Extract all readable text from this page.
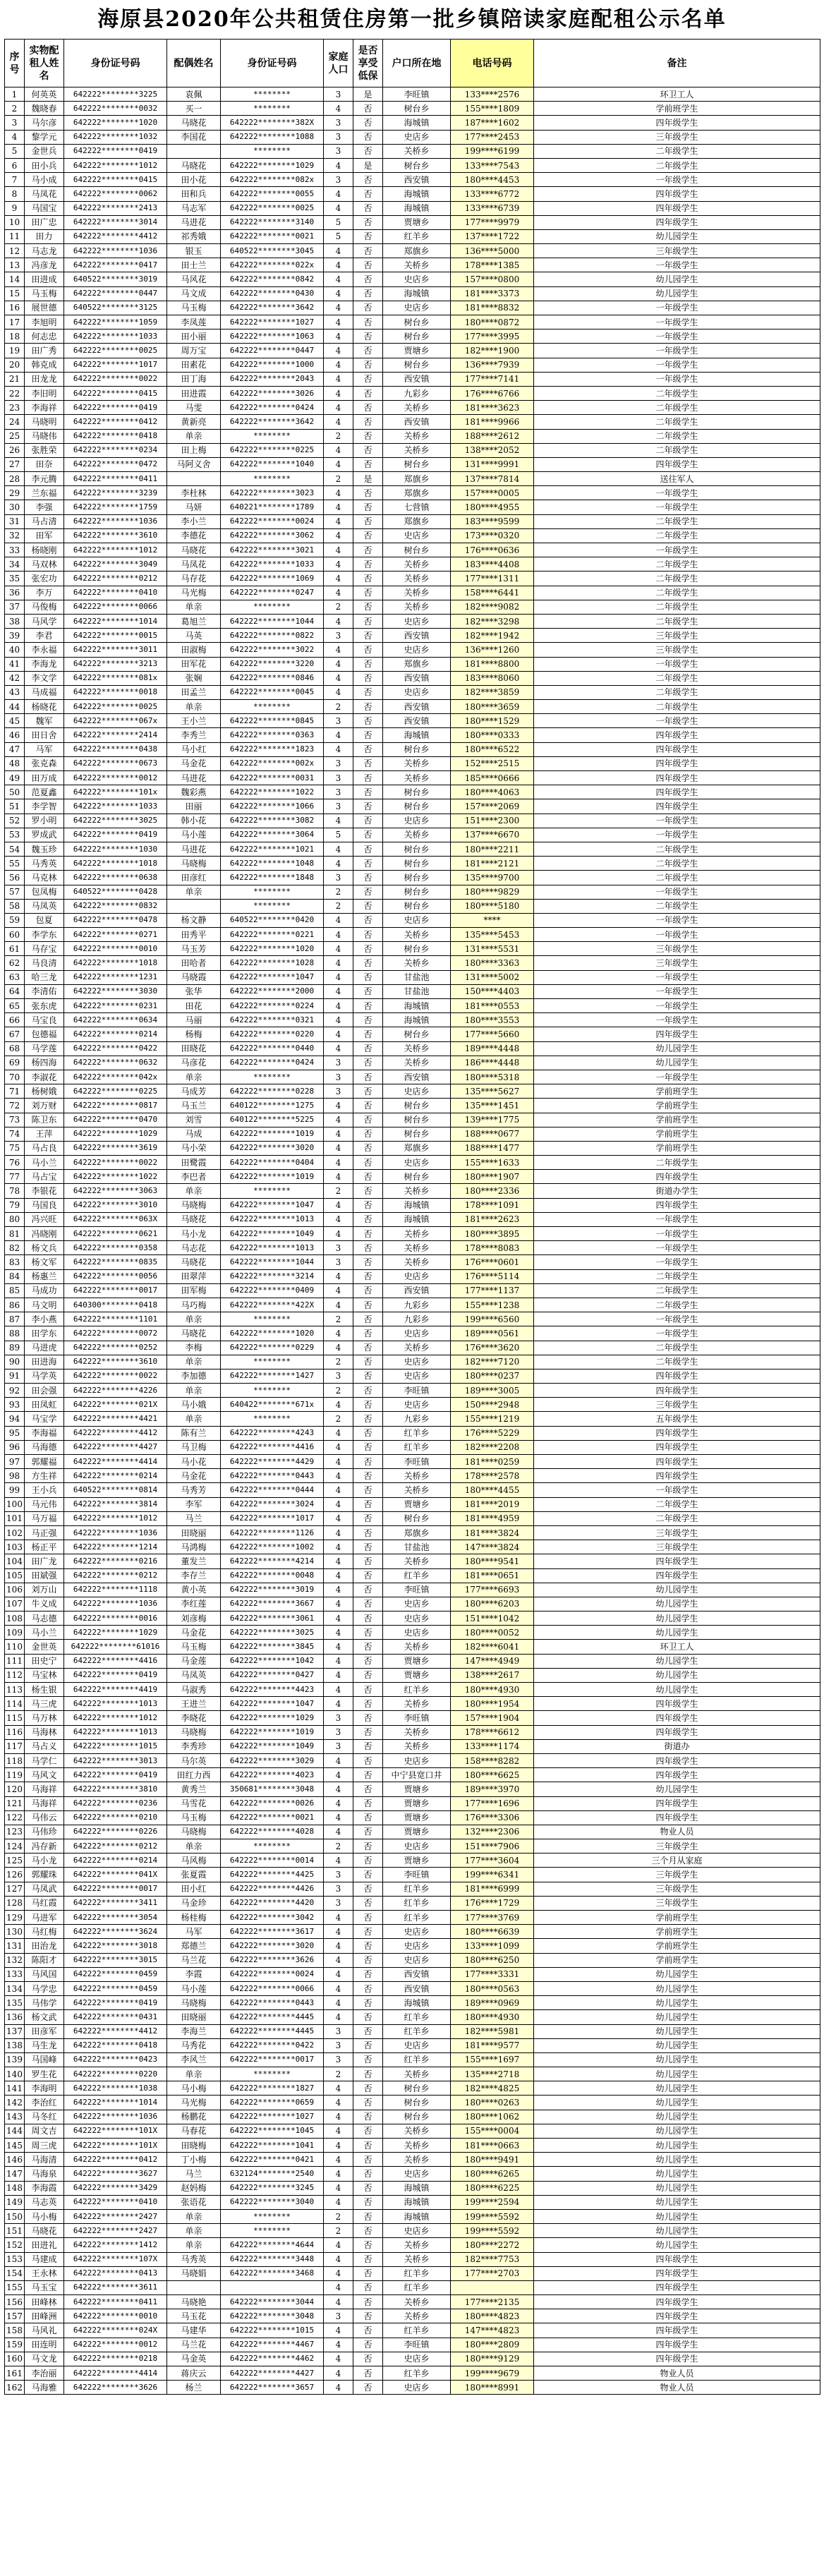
海原县2020年公共租赁住房第一批乡镇陪读家庭配租公示名单
序号	实物配租人姓名	身份证号码	配偶姓名	身份证号码	家庭人口	是否享受低保	户口所在地	电话号码	备注
1	何英英	642222********3225	袁佩	********	3	是	李旺镇	133****2576	环卫工人
2	魏晓春	642222********0032	买一	********	4	否	树台乡	155****1809	学前班学生
3	马尔彦	642222********1020	马晓花	642222********382X	3	否	海城镇	187****1602	四年级学生
4	黎学元	642222********1032	李国花	642222********1088	3	否	史店乡	177****2453	三年级学生
5	金世兵	642222********0419		********	3	否	关桥乡	199****6199	二年级学生
6	田小兵	642222********1012	马晓花	642222********1029	4	是	树台乡	133****7543	二年级学生
7	马小成	642222********0415	田小花	642222********082x	3	否	西安镇	180****4453	一年级学生
8	马凤花	642222********0062	田和兵	642222********0055	4	否	海城镇	133****6772	四年级学生
9	马国宝	642222********2413	马志军	642222********0025	4	否	海城镇	133****6739	四年级学生
10	田广忠	642222********3014	马进花	642222********3140	5	否	贾塘乡	177****9979	四年级学生
11	田力	642222********4412	祁秀娥	642222********0021	5	否	红羊乡	137****1722	幼儿园学生
12	马志龙	642222********1036	银玉	640522********3045	4	否	郑旗乡	136****5000	三年级学生
13	冯彦龙	642222********0417	田士兰	642222********022x	4	否	关桥乡	178****1385	一年级学生
14	田进成	640522********3019	马风花	642222********0842	4	否	史店乡	157****0800	幼儿园学生
15	马玉梅	642222********0447	马文成	642222********0430	4	否	海城镇	181****3373	幼儿园学生
16	展世德	640522********3125	马玉梅	642222********3642	4	否	史店乡	181****8832	一年级学生
17	李旭明	642222********1059	李凤莲	642222********1027	4	否	树台乡	180****0872	一年级学生
18	何志忠	642222********1033	田小丽	642222********1063	4	否	树台乡	177****3995	一年级学生
19	田广秀	642222********0025	周万宝	642222********0447	4	否	贾塘乡	182****1900	一年级学生
20	韩克成	642222********1017	田素花	642222********1000	4	否	树台乡	136****7939	一年级学生
21	田龙龙	642222********0022	田丁海	642222********2043	4	否	西安镇	177****7141	一年级学生
22	李旧明	642222********0415	田进霞	642222********3026	4	否	九彩乡	176****6766	二年级学生
23	李海祥	642222********0419	马雯	642222********0424	4	否	关桥乡	181****3623	二年级学生
24	马晓明	642222********0412	黄新亮	642222********3642	4	否	西安镇	181****9966	二年级学生
25	马晓伟	642222********0418	单亲	********	2	否	关桥乡	188****2612	二年级学生
26	张胜荣	642222********0234	田上梅	642222********0225	4	否	关桥乡	138****2052	二年级学生
27	田奈	642222********0472	马阿义舍	642222********1040	4	否	树台乡	131****9991	四年级学生
28	李元腾	642222********0411		********	2	是	郑旗乡	137****7814	送往军人
29	兰东福	642222********3239	李杜林	642222********3023	4	否	郑旗乡	157****0005	一年级学生
30	李强	642222********1759	马妍	640221********1789	4	否	七营镇	180****4955	一年级学生
31	马占清	642222********1036	李小兰	642222********0024	4	否	郑旗乡	183****9599	二年级学生
32	田军	642222********3610	李德花	642222********3062	4	否	史店乡	173****0320	二年级学生
33	杨晓刚	642222********1012	马晓花	642222********3021	4	否	树台乡	176****0636	一年级学生
34	马双林	642222********3049	马凤花	642222********1033	4	否	关桥乡	183****4408	二年级学生
35	张宏功	642222********0212	马存花	642222********1069	4	否	关桥乡	177****1311	二年级学生
36	李万	642222********0410	马光梅	642222********0247	4	否	关桥乡	158****6441	二年级学生
37	马俊梅	642222********0066	单亲	********	2	否	关桥乡	182****9082	二年级学生
38	马风学	642222********1014	葛旭兰	642222********1044	4	否	史店乡	182****3298	二年级学生
39	李君	642222********0015	马英	642222********0822	3	否	西安镇	182****1942	三年级学生
40	李永福	642222********3011	田淑梅	642222********3022	4	否	史店乡	136****1260	三年级学生
41	李海龙	642222********3213	田军花	642222********3220	4	否	郑旗乡	181****8800	一年级学生
42	李文学	642222********081x	张娴	642222********0846	4	否	西安镇	183****8060	二年级学生
43	马成福	642222********0018	田孟兰	642222********0045	4	否	史店乡	182****3859	二年级学生
44	杨晓花	642222********0025	单亲	********	2	否	西安镇	180****3659	二年级学生
45	魏军	642222********067x	王小兰	642222********0845	3	否	西安镇	180****1529	一年级学生
46	田日舍	642222********2414	李秀兰	642222********0363	4	否	海城镇	180****0333	四年级学生
47	马军	642222********0438	马小红	642222********1823	4	否	树台乡	180****6522	四年级学生
48	张克森	642222********0673	马金花	642222********002x	3	否	关桥乡	152****2515	四年级学生
49	田万成	642222********0012	马进花	642222********0031	3	否	关桥乡	185****0666	四年级学生
50	范夏鑫	642222********101x	魏彩燕	642222********1022	3	否	树台乡	180****4063	四年级学生
51	李学智	642222********1033	田丽	642222********1066	3	否	树台乡	157****2069	四年级学生
52	罗小明	642222********3025	韩小花	642222********3082	4	否	史店乡	151****2300	一年级学生
53	罗成武	642222********0419	马小莲	642222********3064	5	否	关桥乡	137****6670	一年级学生
54	魏玉珍	642222********1030	马进花	642222********1021	4	否	树台乡	180****2211	二年级学生
55	马秀英	642222********1018	马晓梅	642222********1048	4	否	树台乡	181****2121	二年级学生
56	马克林	642222********0638	田彦红	642222********1848	3	否	树台乡	135****9700	二年级学生
57	包凤梅	640522********0428	单亲	********	2	否	树台乡	180****9829	一年级学生
58	马凤英	642222********0832		********	2	否	树台乡	180****5180	二年级学生
59	包夏	642222********0478	杨文静	640522********0420	4	否	史店乡	****	一年级学生
60	李学东	642222********0271	田秀平	642222********0221	4	否	关桥乡	135****5453	一年级学生
61	马存宝	642222********0010	马玉芳	642222********1020	4	否	树台乡	131****5531	三年级学生
62	马良清	642222********1018	田哈者	642222********1028	4	否	关桥乡	180****3363	三年级学生
63	哈三龙	642222********1231	马晓霞	642222********1047	4	否	甘盐池	131****5002	一年级学生
64	李清佑	642222********3030	张华	642222********2000	4	否	甘盐池	150****4403	一年级学生
65	张东虎	642222********0231	田花	642222********0224	4	否	海城镇	181****0553	一年级学生
66	马宝良	642222********0634	马丽	642222********0321	4	否	海城镇	180****3553	一年级学生
67	包德福	642222********0214	杨梅	642222********0220	4	否	树台乡	177****5660	四年级学生
68	马学莲	642222********0422	田晓花	642222********0440	4	否	关桥乡	189****4448	幼儿园学生
69	杨四海	642222********0632	马彦花	642222********0424	3	否	关桥乡	186****4448	幼儿园学生
70	李淑花	642222********042x	单亲	********	3	否	西安镇	180****5318	一年级学生
71	杨树娥	642222********0225	马成芳	642222********0228	3	否	史店乡	135****5627	学前班学生
72	刘万财	642222********0817	马玉兰	640122********1275	4	否	树台乡	135****1451	学前班学生
73	陈卫东	642222********0470	刘雪	640122********5225	4	否	树台乡	139****1775	学前班学生
74	王萍	642222********1029	马成	642222********1019	4	否	树台乡	188****0677	学前班学生
75	马占良	642222********3619	马小荣	642222********3020	4	否	郑旗乡	188****1477	学前班学生
76	马小兰	642222********0022	田鹭霞	642222********0404	4	否	史店乡	155****1633	二年级学生
77	马占宝	642222********1022	李巴者	642222********1019	4	否	树台乡	180****1907	四年级学生
78	李银花	642222********3063	单亲	********	2	否	关桥乡	180****2336	街道办学生
79	马国良	642222********3010	马晓梅	642222********1047	4	否	海城镇	178****1091	四年级学生
80	冯兴旺	642222********063X	马晓花	642222********1013	4	否	海城镇	181****2623	一年级学生
81	冯晓刚	642222********0621	马小龙	642222********1049	4	否	关桥乡	180****3895	一年级学生
82	杨文兵	642222********0358	马志花	642222********1013	3	否	关桥乡	178****8083	一年级学生
83	杨文军	642222********0835	马晓花	642222********1044	3	否	关桥乡	176****0601	一年级学生
84	杨惠兰	642222********0056	田翠萍	642222********3214	4	否	史店乡	176****5114	二年级学生
85	马成功	642222********0017	田军梅	642222********0409	4	否	西安镇	177****1137	二年级学生
86	马文明	640300********0418	马巧梅	642222********422X	4	否	九彩乡	155****1238	二年级学生
87	李小燕	642222********1101	单亲	********	2	否	九彩乡	199****6560	一年级学生
88	田学东	642222********0072	马晓花	642222********1020	4	否	史店乡	189****0561	一年级学生
89	马进虎	642222********0252	李梅	642222********0229	4	否	关桥乡	176****3620	二年级学生
90	田进海	642222********3610	单亲	********	2	否	史店乡	182****7120	二年级学生
91	马学英	642222********0022	李加德	642222********1427	3	否	史店乡	180****0237	四年级学生
92	田会强	642222********4226	单亲	********	2	否	李旺镇	189****3005	四年级学生
93	田凤虹	642222********021X	马小娥	640422********671x	4	否	史店乡	150****2948	三年级学生
94	马宝学	642222********4421	单亲	********	2	否	九彩乡	155****1219	五年级学生
95	李海福	642222********4412	陈有兰	642222********4243	4	否	红羊乡	176****5229	四年级学生
96	马海德	642222********4427	马卫梅	642222********4416	4	否	红羊乡	182****2208	四年级学生
97	郭耀福	642222********4414	马小花	642222********4429	4	否	李旺镇	181****0259	四年级学生
98	方生祥	642222********0214	马金花	642222********0443	4	否	关桥乡	178****2578	四年级学生
99	王小兵	640522********0814	马秀芳	642222********0444	4	否	关桥乡	180****4455	一年级学生
100	马元伟	642222********3814	李军	642222********3024	4	否	贾塘乡	181****2019	二年级学生
101	马万福	642222********1012	马兰	642222********1017	4	否	树台乡	181****4959	二年级学生
102	马正强	642222********1036	田晓丽	642222********1126	4	否	郑旗乡	181****3824	三年级学生
103	杨正平	642222********1214	马鸿梅	642222********1002	4	否	甘盐池	147****3824	三年级学生
104	田广龙	642222********0216	董发兰	642222********4214	4	否	关桥乡	180****9541	四年级学生
105	田斌强	642222********0212	李存兰	642222********0048	4	否	红羊乡	181****0651	四年级学生
106	刘万山	642222********1118	黄小英	642222********3019	4	否	李旺镇	177****6693	幼儿园学生
107	牛义成	642222********1036	李红莲	642222********3667	4	否	史店乡	180****6203	幼儿园学生
108	马志德	642222********0016	刘彦梅	642222********3061	4	否	史店乡	151****1042	幼儿园学生
109	马小兰	642222********1029	马金花	642222********3025	4	否	史店乡	180****0052	幼儿园学生
110	金世英	642222********61016	马玉梅	642222********3845	4	否	关桥乡	182****6041	环卫工人
111	田史宁	642222********4416	马金莲	642222********1042	4	否	贾塘乡	147****4949	幼儿园学生
112	马宝林	642222********0419	马凤英	642222********0427	4	否	贾塘乡	138****2617	幼儿园学生
113	杨生银	642222********4419	马淑秀	642222********4423	4	否	红羊乡	180****4930	幼儿园学生
114	马三虎	642222********1013	王进兰	642222********1047	4	否	关桥乡	180****1954	四年级学生
115	马万林	642222********1012	李晓花	642222********1029	3	否	李旺镇	157****1904	四年级学生
116	马海林	642222********1013	马晓梅	642222********1019	3	否	关桥乡	178****6612	四年级学生
117	马占义	642222********1015	李秀珍	642222********1049	3	否	关桥乡	133****1174	街道办
118	马学仁	642222********3013	马尔英	642222********3029	4	否	史店乡	158****8282	四年级学生
119	马风文	642222********0419	田红力西	642222********4023	4	否	中宁县宽口井	180****6625	四年级学生
120	马海祥	642222********3810	黄秀兰	350681********3048	4	否	贾塘乡	189****3970	幼儿园学生
121	马海祥	642222********0236	马雪花	642222********0026	4	否	贾塘乡	177****1696	四年级学生
122	马伟云	642222********0210	马玉梅	642222********0021	4	否	贾塘乡	176****3306	四年级学生
123	马伟珍	642222********0226	马晓梅	642222********4028	4	否	贾塘乡	132****2306	物业人员
124	冯存新	642222********0212	单亲	********	2	否	史店乡	151****7906	三年级学生
125	马小龙	642222********0214	马风梅	642222********0014	4	否	贾塘乡	177****3604	三个月从家庭
126	郭耀珠	642222********041X	张夏霞	642222********4425	3	否	李旺镇	199****6341	三年级学生
127	马凤武	642222********0017	田小红	642222********4426	3	否	红羊乡	181****6999	三年级学生
128	马红霞	642222********3411	马金珍	642222********4420	3	否	红羊乡	176****1729	三年级学生
129	马进军	642222********3054	杨桂梅	642222********3042	4	否	红羊乡	177****3769	学前班学生
130	马红梅	642222********3624	马军	642222********3617	4	否	史店乡	180****6639	学前班学生
131	田治龙	642222********3018	郑德兰	642222********3020	4	否	史店乡	133****1099	学前班学生
132	陈阳才	642222********3015	马兰花	642222********3626	4	否	史店乡	180****6250	学前班学生
133	马风国	642222********0459	李霞	642222********0024	4	否	西安镇	177****3331	幼儿园学生
134	马学忠	642222********0459	马小莲	642222********0066	4	否	西安镇	180****0563	幼儿园学生
135	马伟学	642222********0419	马晓梅	642222********0443	4	否	海城镇	189****0969	幼儿园学生
136	杨文武	642222********0431	田晓丽	642222********4445	4	否	红羊乡	180****4930	幼儿园学生
137	田彦军	642222********4412	李海兰	642222********4445	3	否	红羊乡	182****5981	幼儿园学生
138	马生龙	642222********0418	马秀花	642222********0422	3	否	史店乡	181****9577	幼儿园学生
139	马国峰	642222********0423	李风兰	642222********0017	3	否	红羊乡	155****1697	幼儿园学生
140	罗生花	642222********0220	单亲	********	2	否	关桥乡	135****2718	幼儿园学生
141	李海明	642222********1038	马小梅	642222********1827	4	否	树台乡	182****4825	幼儿园学生
142	李治红	642222********1014	马光梅	642222********0659	4	否	树台乡	180****0263	幼儿园学生
143	马冬红	642222********1036	杨鹏花	642222********1027	4	否	树台乡	180****1062	幼儿园学生
144	周文吉	642222********101X	马春花	642222********1045	4	否	关桥乡	155****0004	幼儿园学生
145	周三虎	642222********101X	田晓梅	642222********1041	4	否	关桥乡	181****0663	幼儿园学生
146	马海清	642222********0412	丁小梅	642222********0421	4	否	关桥乡	180****9491	幼儿园学生
147	马海泉	642222********3627	马兰	632124********2540	4	否	史店乡	180****6265	幼儿园学生
148	李海霞	642222********3429	赵妈梅	642222********3245	4	否	海城镇	180****6225	幼儿园学生
149	马志英	642222********0410	张语花	642222********3040	4	否	海城镇	199****2594	幼儿园学生
150	马小梅	642222********2427	单亲	********	2	否	海城镇	199****5592	幼儿园学生
151	马晓花	642222********2427	单亲	********	2	否	史店乡	199****5592	幼儿园学生
152	田进礼	642222********1412	单亲	642222********4644	4	否	关桥乡	180****2272	幼儿园学生
153	马建成	642222********107X	马秀英	642222********3448	4	否	关桥乡	182****7753	四年级学生
154	王永林	642222********0413	马晓娟	642222********3468	4	否	红羊乡	177****2703	四年级学生
155	马玉宝	642222********3611			4	否	红羊乡		四年级学生
156	田峰林	642222********0411	马晓艳	642222********3044	4	否	关桥乡	177****2135	四年级学生
157	田峰洲	642222********0010	马玉花	642222********3048	3	否	关桥乡	180****4823	四年级学生
158	马风礼	642222********024X	马建华	642222********1015	4	否	红羊乡	147****4823	四年级学生
159	田连明	642222********0012	马兰花	642222********4467	4	否	李旺镇	180****2809	四年级学生
160	马文龙	642222********0218	马金英	642222********4462	4	否	史店乡	180****9129	四年级学生
161	李治丽	642222********4414	蒋庆云	642222********4427	4	否	红羊乡	199****9679	物业人员
162	马海雅	642222********3626	杨兰	642222********3657	4	否	史店乡	180****8991	物业人员
